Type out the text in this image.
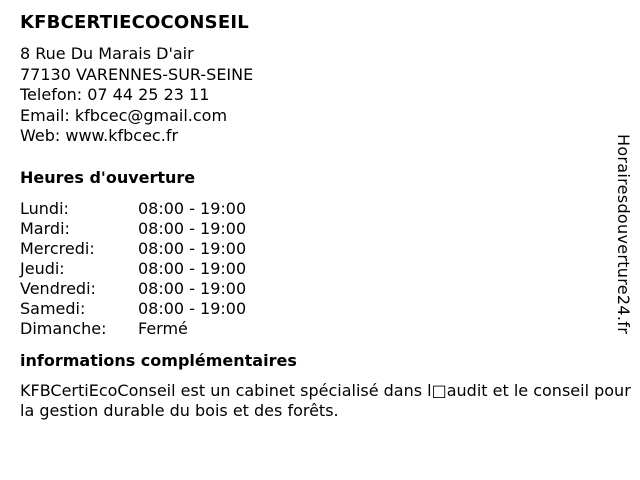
KFBCERTIECOCONSEIL
8 Rue Du Marais D'air
77130 VARENNES-SUR-SEINE
Telefon: 07 44 25 23 11
Email: kfbcec@gmail.com
Web: www.kfbcec.fr
Heures d'ouverture
Lundi:	08:00 - 19:00
Mardi:	08:00 - 19:00
Mercredi:	08:00 - 19:00
Jeudi:	08:00 - 19:00
Vendredi:	08:00 - 19:00
Samedi:	08:00 - 19:00
Dimanche:	Fermé
informations complémentaires
KFBCertiEcoConseil est un cabinet spécialisé dans l□audit et le conseil pour la gestion durable du bois et des forêts.
Horairesdouverture24.fr
